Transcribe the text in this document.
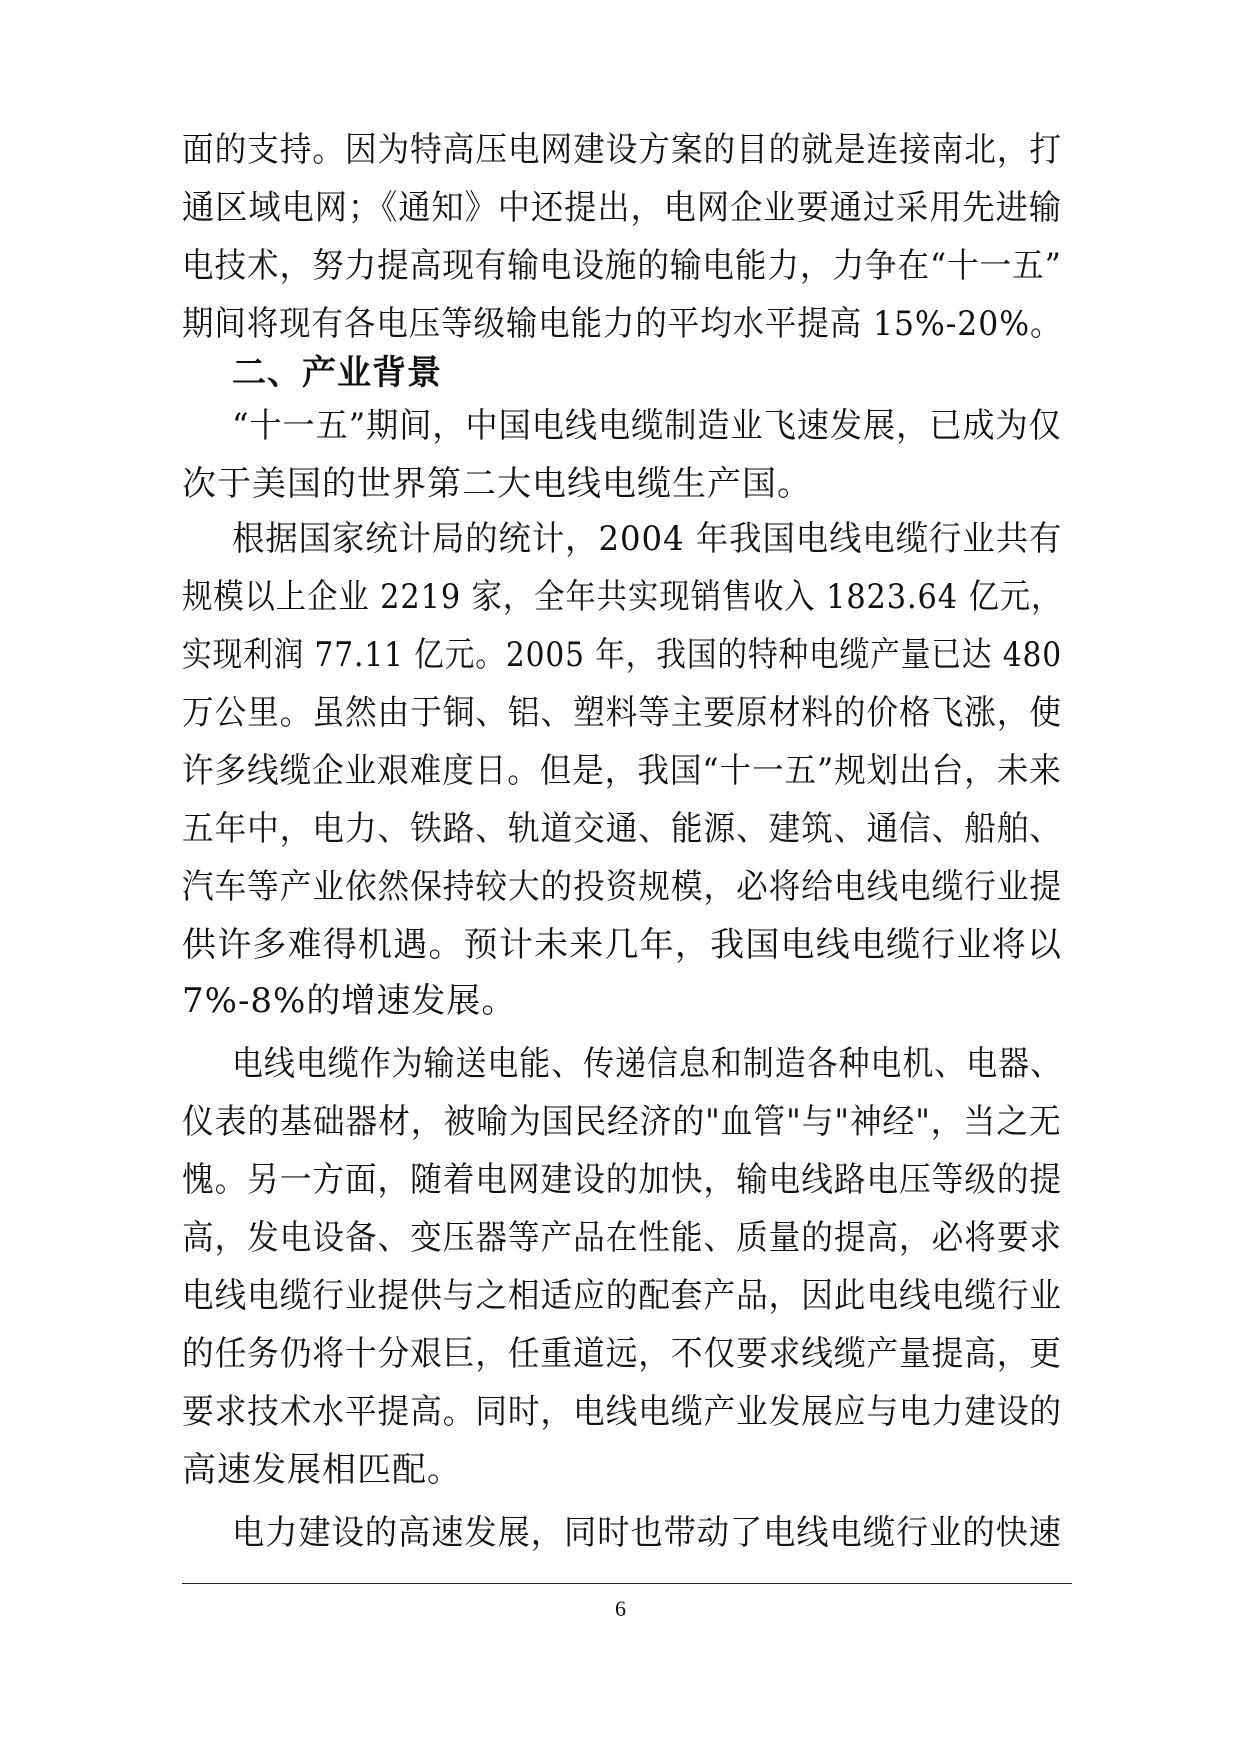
面的支持。因为特高压电网建设方案的目的就是连接南北，打
通区域电网；《通知》中还提出，电网企业要通过采用先进输
电技术，努力提高现有输电设施的输电能力，力争在“十一五”
期间将现有各电压等级输电能力的平均水平提高 15%-20%。
二、产业背景
“十一五”期间，中国电线电缆制造业飞速发展，已成为仅
次于美国的世界第二大电线电缆生产国。
根据国家统计局的统计，2004 年我国电线电缆行业共有
规模以上企业 2219 家，全年共实现销售收入 1823.64 亿元，
实现利润 77.11 亿元。2005 年，我国的特种电缆产量已达 480
万公里。虽然由于铜、铝、塑料等主要原材料的价格飞涨，使
许多线缆企业艰难度日。但是，我国“十一五”规划出台，未来
五年中，电力、铁路、轨道交通、能源、建筑、通信、船舶、
汽车等产业依然保持较大的投资规模，必将给电线电缆行业提
供许多难得机遇。预计未来几年，我国电线电缆行业将以
7%-8%的增速发展。
电线电缆作为输送电能、传递信息和制造各种电机、电器、
仪表的基础器材，被喻为国民经济的"血管"与"神经"，当之无
愧。另一方面，随着电网建设的加快，输电线路电压等级的提
高，发电设备、变压器等产品在性能、质量的提高，必将要求
电线电缆行业提供与之相适应的配套产品，因此电线电缆行业
的任务仍将十分艰巨，任重道远，不仅要求线缆产量提高，更
要求技术水平提高。同时，电线电缆产业发展应与电力建设的
高速发展相匹配。
电力建设的高速发展，同时也带动了电线电缆行业的快速
6
